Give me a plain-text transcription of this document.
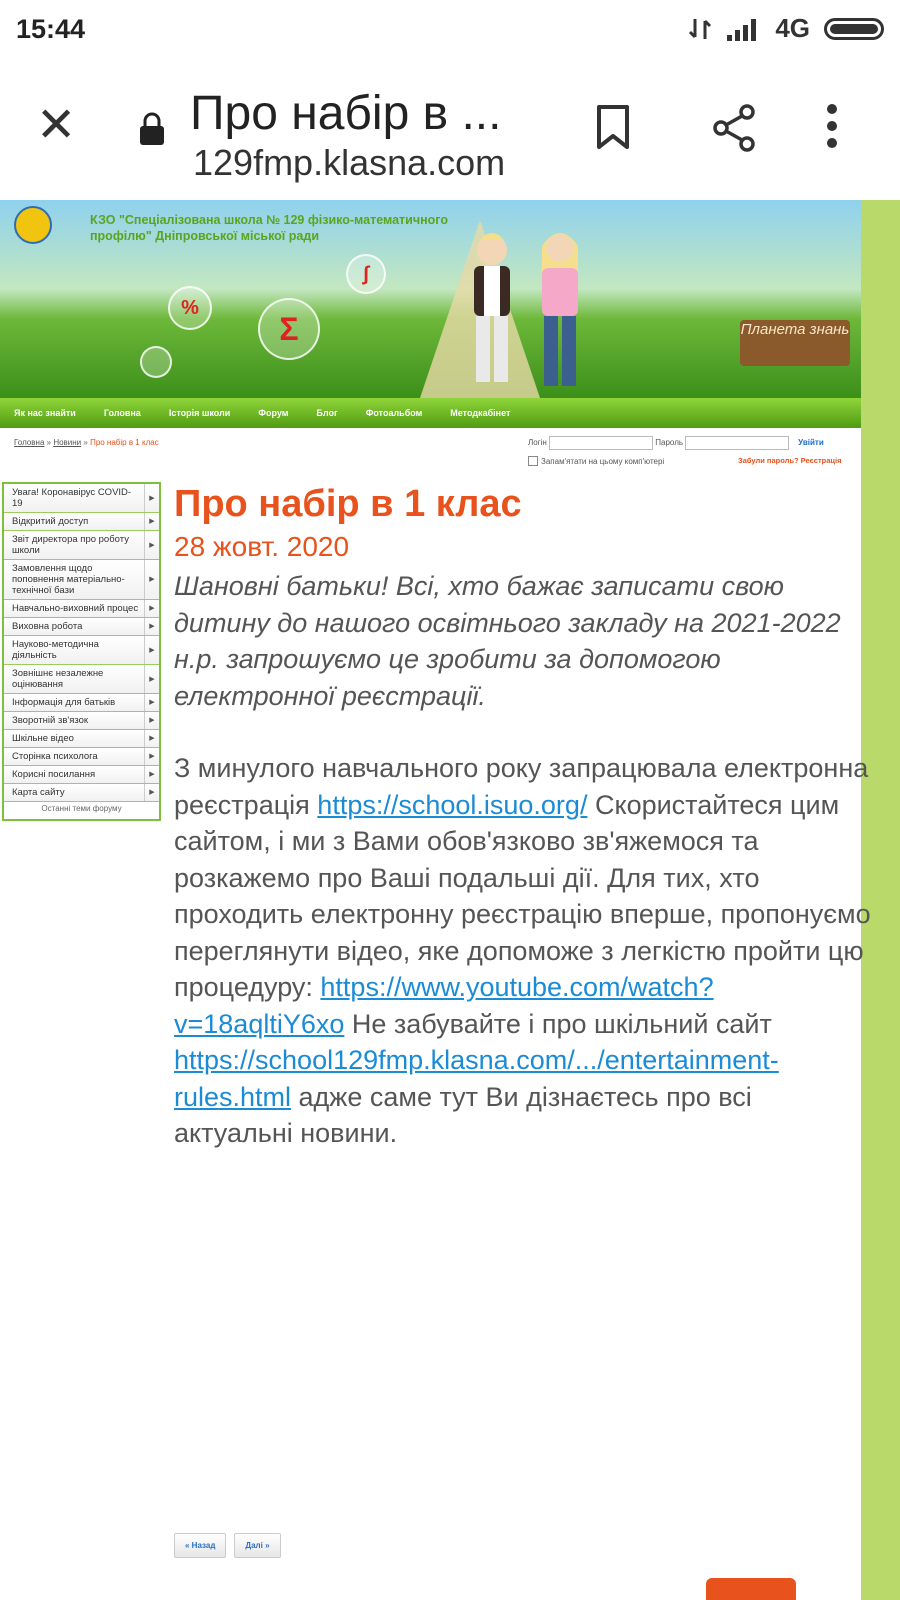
15:44	4G
✕ Про набір в ...
129fmp.klasna.com
КЗО "Спеціалізована школа № 129 фізико-математичного профілю" Дніпровської міської ради
%
Σ
∫
Планета знань
Як нас знайти	Головна	Історія школи	Форум	Блог	Фотоальбом	Методкабінет
Головна » Новини » Про набір в 1 клас	Логін	Пароль	Увійти
Запам'ятати на цьому комп'ютері	Забули пароль? Реєстрація
Увага! Коронавірус COVID-19	▶
Відкритий доступ	▶
Звіт директора про роботу школи	▶
Замовлення щодо поповнення матеріально-технічної бази
▶
Навчально-виховний процес	▶
Виховна робота	▶
Науково-методична діяльність	▶
Зовнішнє незалежне оцінювання	▶
Інформація для батьків	▶
Зворотній зв'язок	▶
Шкільне відео	▶
Сторінка психолога	▶
Корисні посилання	▶
Карта сайту	▶
Останні теми форуму
Про набір в 1 клас
28 жовт. 2020
Шановні батьки! Всі, хто бажає записати свою дитину до нашого освітнього закладу на 2021-2022 н.р. запрошуємо це зробити за допомогою електронної реєстрації.
З минулого навчального року запрацювала електронна реєстрація https://school.isuo.org/ Скористайтеся цим сайтом, і ми з Вами обов'язково зв'яжемося та розкажемо про Ваші подальші дії. Для тих, хто проходить електронну реєстрацію вперше, пропонуємо переглянути відео, яке допоможе з легкістю пройти цю процедуру: https://www.youtube.com/watch?v=18aqltiY6xo Не забувайте і про шкільний сайт https://school129fmp.klasna.com/.../entertainment-rules.html адже саме тут Ви дізнаєтесь про всі актуальні новини.
« Назад	Далі »
